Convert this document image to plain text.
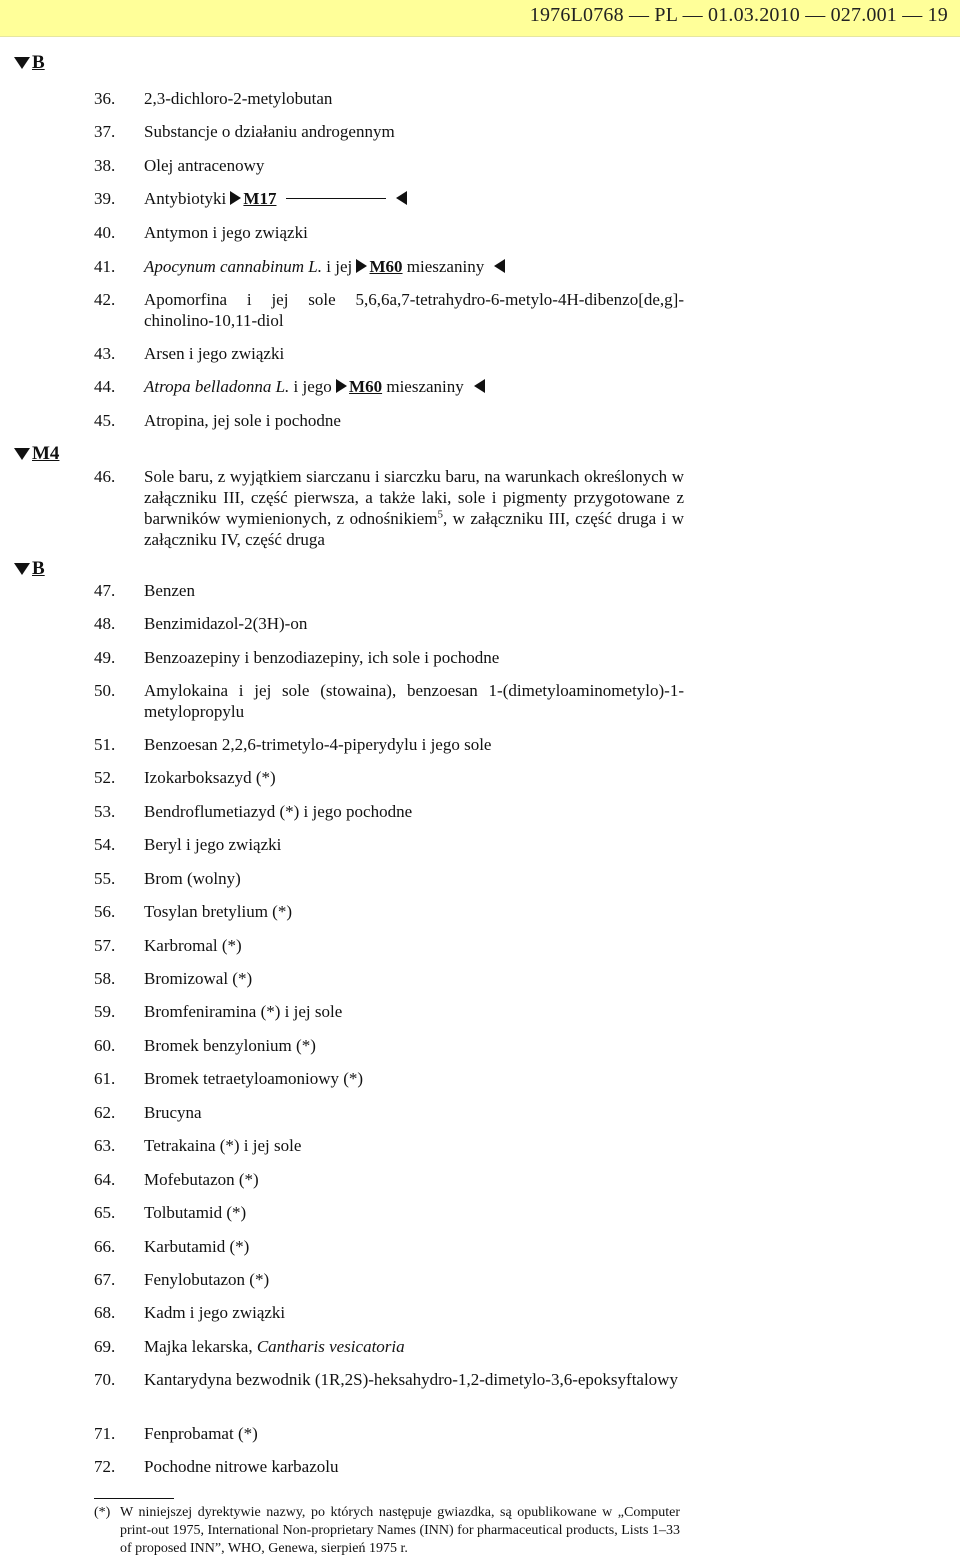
1976L0768 — PL — 01.03.2010 — 027.001 — 19
B
M4
B
36. 2,3-dichloro-2-metylobutan
37. Substancje o działaniu androgennym
38. Olej antracenowy
39. Antybiotyki M17
40. Antymon i jego związki
41. Apocynum cannabinum L. i jej M60 mieszaniny
42. Apomorfina i jej sole 5,6,6a,7-tetrahydro-6-metylo-4H-dibenzo[de,g]-chinolino-10,11-diol
43. Arsen i jego związki
44. Atropa belladonna L. i jego M60 mieszaniny
45. Atropina, jej sole i pochodne
46. Sole baru, z wyjątkiem siarczanu i siarczku baru, na warunkach określonych w załączniku III, część pierwsza, a także laki, sole i pigmenty przygotowane z barwników wymienionych, z odnośnikiem$^5$, w załączniku III, część druga i w załączniku IV, część druga
47. Benzen
48. Benzimidazol-2(3H)-on
49. Benzoazepiny i benzodiazepiny, ich sole i pochodne
50. Amylokaina i jej sole (stowaina), benzoesan 1-(dimetyloaminometylo)-1-metylopropylu
51. Benzoesan 2,2,6-trimetylo-4-piperydylu i jego sole
52. Izokarboksazyd (*)
53. Bendroflumetiazyd (*) i jego pochodne
54. Beryl i jego związki
55. Brom (wolny)
56. Tosylan bretylium (*)
57. Karbromal (*)
58. Bromizowal (*)
59. Bromfeniramina (*) i jej sole
60. Bromek benzylonium (*)
61. Bromek tetraetyloamoniowy (*)
62. Brucyna
63. Tetrakaina (*) i jej sole
64. Mofebutazon (*)
65. Tolbutamid (*)
66. Karbutamid (*)
67. Fenylobutazon (*)
68. Kadm i jego związki
69. Majka lekarska, Cantharis vesicatoria
70. Kantarydyna bezwodnik (1R,2S)-heksahydro-1,2-dimetylo-3,6-epoksyftalowy
71. Fenprobamat (*)
72. Pochodne nitrowe karbazolu
(*) W niniejszej dyrektywie nazwy, po których następuje gwiazdka, są opublikowane w „Computer print-out 1975, International Non-proprietary Names (INN) for pharmaceutical products, Lists 1–33 of proposed INN”, WHO, Genewa, sierpień 1975 r.
